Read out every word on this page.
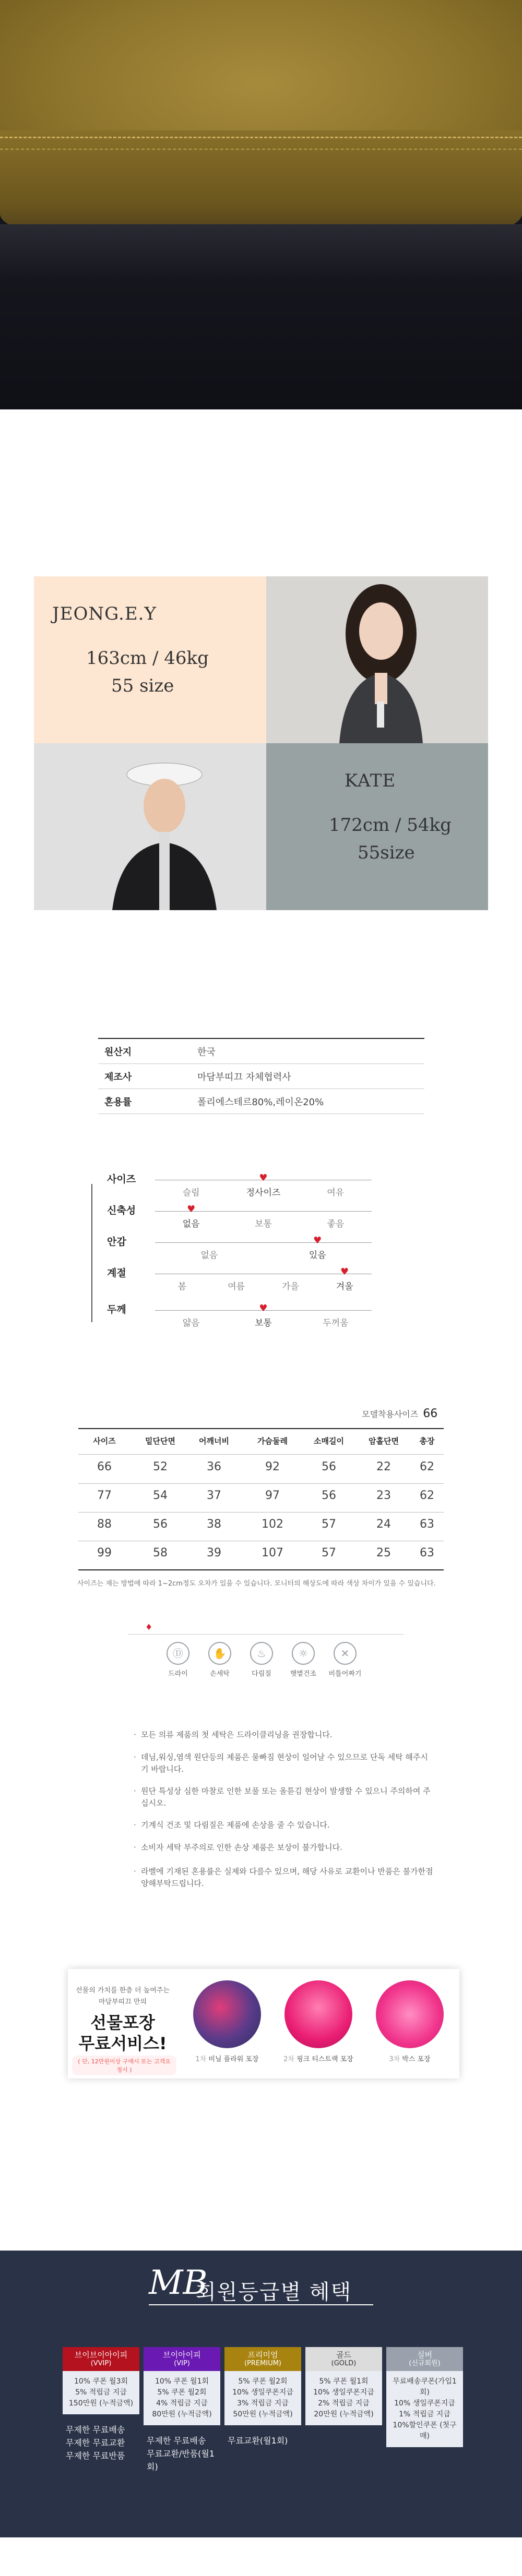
JEONG.E.Y
163cm / 46kg
55 size
KATE
172cm / 54kg
55size
원산지	한국
제조사	마담부띠끄 자체협력사
혼용률	폴리에스테르80%,레이온20%
사이즈
슬림	정사이즈
♥
여유
신축성
없음
♥
보통	좋음
안감
없음	있음
♥
계절
봄	여름	가을	겨울
♥
두께
얇음	보통
♥
두꺼움
모델착용사이즈 66
사이즈	밑단단면	어깨너비	가슴둘레	소매길이	암홀단면	총장
66	52	36	92	56	22	62
77	54	37	97	56	23	62
88	56	38	102	57	24	63
99	58	39	107	57	25	63
사이즈는 재는 방법에 따라 1~2cm정도 오차가 있을 수 있습니다. 모니터의 해상도에 따라 색상 차이가 있을 수 있습니다.
Ⓓ
드라이
✋
손세탁
♨
다림질
☼
햇볕건조
✕
비틀어짜기
♦
· 모든 의류 제품의 첫 세탁은 드라이클리닝을 권장합니다.
· 데님,워싱,염색 원단등의 제품은 물빠짐 현상이 일어날 수 있으므로 단독 세탁 해주시기 바랍니다.
· 원단 특성상 심한 마찰로 인한 보풀 또는 올튿김 현상이 발생할 수 있으니 주의하여 주십시오.
· 기계식 건조 및 다림질은 제품에 손상을 줄 수 있습니다.
· 소비자 세탁 부주의로 인한 손상 제품은 보상이 불가합니다.
· 라벨에 기재된 혼용률은 실제와 다를수 있으며, 해당 사유로 교환이나 반품은 불가한점 양해부탁드립니다.
선물의 가치를 한층 더 높여주는
마담부띠끄 만의
선물포장
무료서비스!
( 단, 12만원이상 구매시 또는 고객요청시 )
1차 비닐 플라워 포장	2차 핑크 티스트랙 포장	3차 박스 포장
MB
회원등급별 혜택
브이브이아이피
(VVIP)
10% 쿠폰 월3회
5% 적립금 지급
150만원 (누적금액)
무제한 무료배송
무제한 무료교환
무제한 무료반품
브이아이피
(VIP)
10% 쿠폰 월1회
5% 쿠폰 월2회
4% 적립금 지급
80만원 (누적금액)
무제한 무료배송
무료교환/반품(월1회)
프리미엄
(PREMIUM)
5% 쿠폰 월2회
10% 생일쿠폰지급
3% 적립금 지급
50만원 (누적금액)
무료교환(월1회)
골드
(GOLD)
5% 쿠폰 월1회
10% 생일쿠폰지급
2% 적립금 지급
20만원 (누적금액)
실버
(신규회원)
무료배송쿠폰(가입1회)
10% 생일쿠폰지급
1% 적립금 지급
10%할인쿠폰 (첫구매)
